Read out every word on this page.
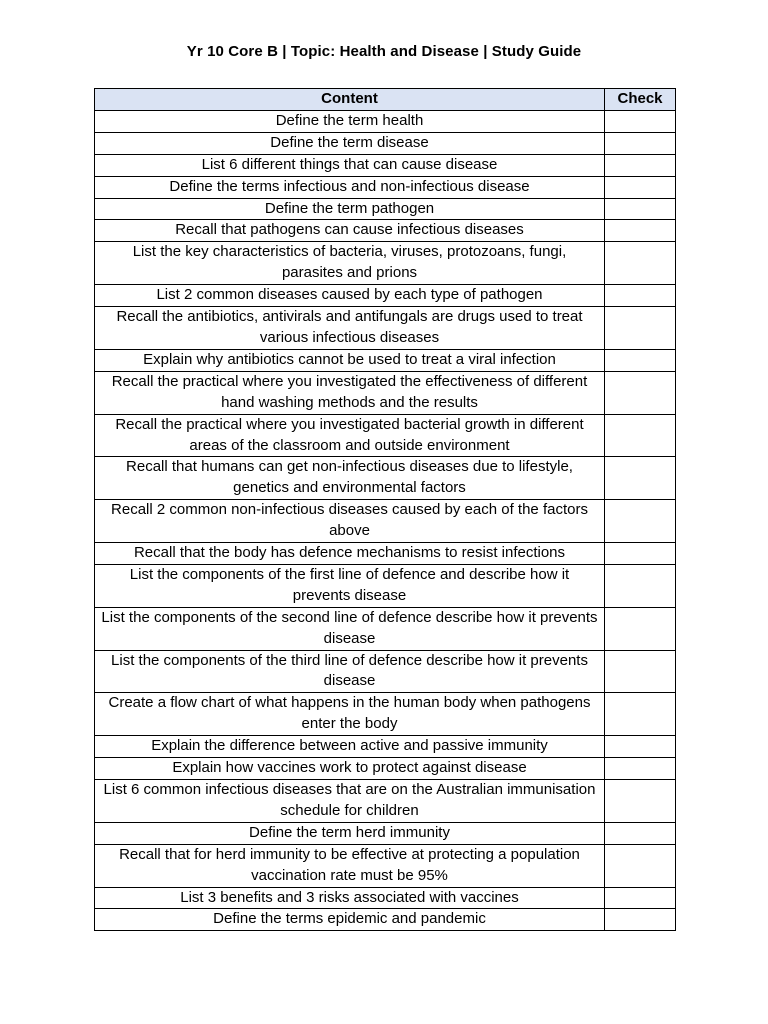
Yr 10 Core B | Topic: Health and Disease | Study Guide
Content	Check
Define the term health	
Define the term disease	
List 6 different things that can cause disease	
Define the terms infectious and non-infectious disease	
Define the term pathogen	
Recall that pathogens can cause infectious diseases	
List the key characteristics of bacteria, viruses, protozoans, fungi, parasites and prions	
List 2 common diseases caused by each type of pathogen	
Recall the antibiotics, antivirals and antifungals are drugs used to treat various infectious diseases	
Explain why antibiotics cannot be used to treat a viral infection	
Recall the practical where you investigated the effectiveness of different hand washing methods and the results	
Recall the practical where you investigated bacterial growth in different areas of the classroom and outside environment	
Recall that humans can get non-infectious diseases due to lifestyle, genetics and environmental factors	
Recall 2 common non-infectious diseases caused by each of the factors above	
Recall that the body has defence mechanisms to resist infections	
List the components of the first line of defence and describe how it prevents disease	
List the components of the second line of defence describe how it prevents disease	
List the components of the third line of defence describe how it prevents disease	
Create a flow chart of what happens in the human body when pathogens enter the body	
Explain the difference between active and passive immunity	
Explain how vaccines work to protect against disease	
List 6 common infectious diseases that are on the Australian immunisation schedule for children	
Define the term herd immunity	
Recall that for herd immunity to be effective at protecting a population vaccination rate must be 95%	
List 3 benefits and 3 risks associated with vaccines	
Define the terms epidemic and pandemic	
